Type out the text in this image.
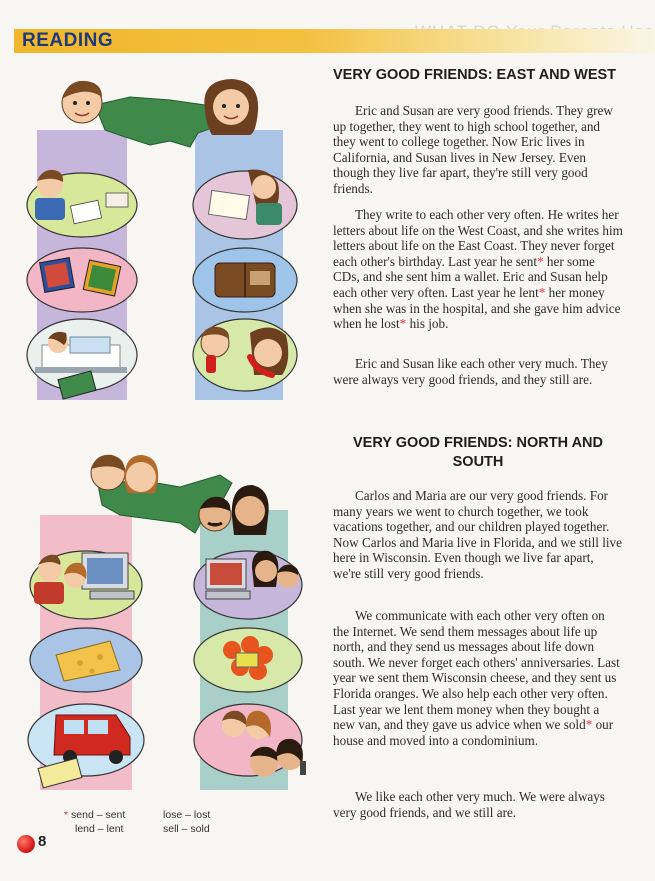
READING
VERY GOOD FRIENDS: EAST AND WEST

Eric and Susan are very good friends. They grew up together, they went to high school together, and they went to college together. Now Eric lives in California, and Susan lives in New Jersey. Even though they live far apart, they're still very good friends.

They write to each other very often. He writes her letters about life on the West Coast, and she writes him letters about life on the East Coast. They never forget each other's birthday. Last year he sent* her some CDs, and she sent him a wallet. Eric and Susan help each other very often. Last year he lent* her money when she was in the hospital, and she gave him advice when he lost* his job.

Eric and Susan like each other very much. They were always very good friends, and they still are.

VERY GOOD FRIENDS: NORTH AND SOUTH

Carlos and Maria are our very good friends. For many years we went to church together, we took vacations together, and our children played together. Now Carlos and Maria live in Florida, and we still live here in Wisconsin. Even though we live far apart, we're still very good friends.

We communicate with each other very often on the Internet. We send them messages about life up north, and they send us messages about life down south. We never forget each others' anniversaries. Last year we sent them Wisconsin cheese, and they sent us Florida oranges. We also help each other very often. Last year we lent them money when they bought a new van, and they gave us advice when we sold* our house and moved into a condominium.

We like each other very much. We were always very good friends, and we still are.

* send – sent
lend – lent
lose – lost
sell – sold
8
